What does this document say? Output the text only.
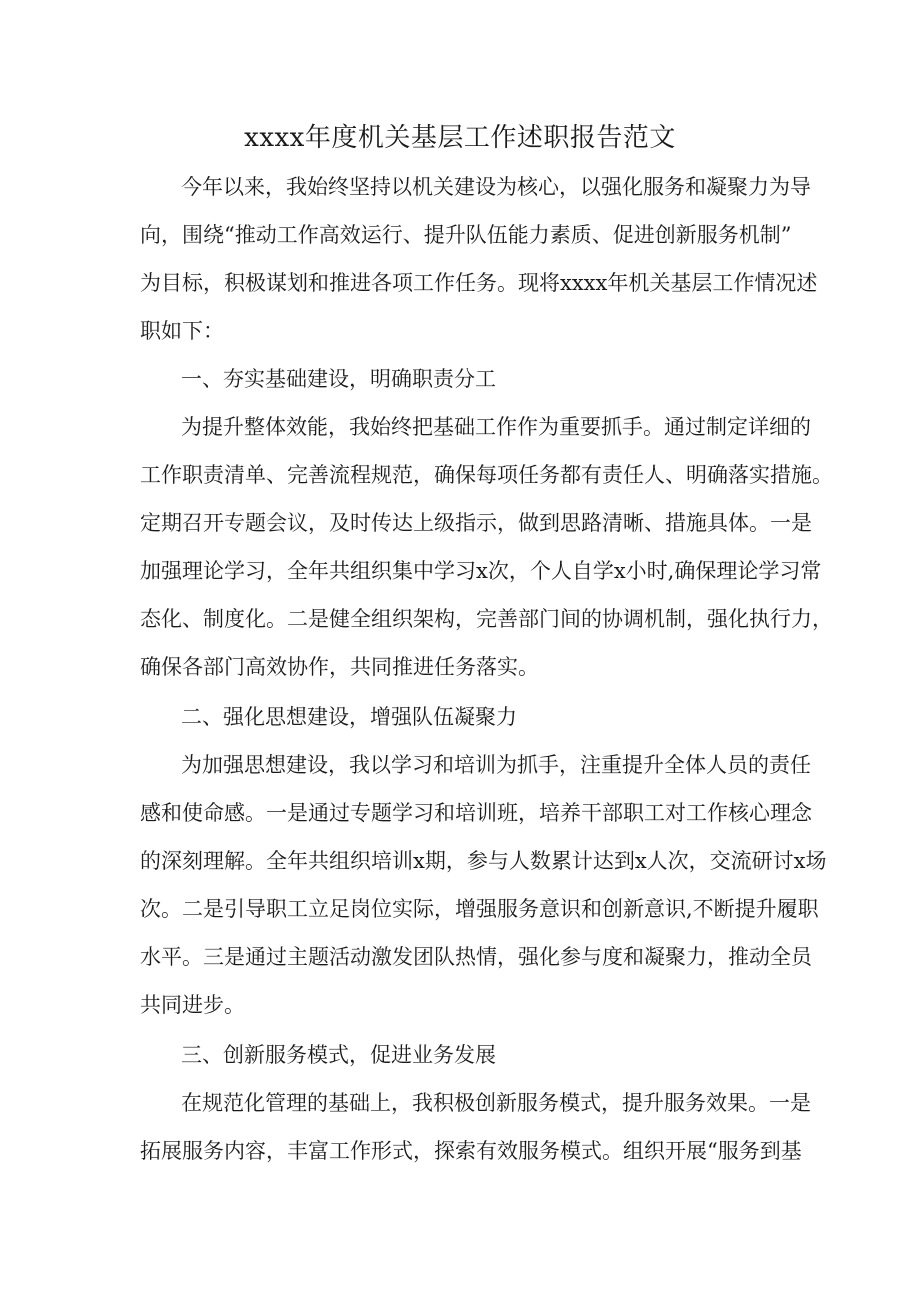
xxxx年度机关基层工作述职报告范文
今年以来，我始终坚持以机关建设为核心，以强化服务和凝聚力为导
向，围绕“推动工作高效运行、提升队伍能力素质、促进创新服务机制”
为目标，积极谋划和推进各项工作任务。现将xxxx年机关基层工作情况述
职如下：
一、夯实基础建设，明确职责分工
为提升整体效能，我始终把基础工作作为重要抓手。通过制定详细的
工作职责清单、完善流程规范，确保每项任务都有责任人、明确落实措施。
定期召开专题会议，及时传达上级指示，做到思路清晰、措施具体。一是
加强理论学习，全年共组织集中学习x次，个人自学x小时,确保理论学习常
态化、制度化。二是健全组织架构，完善部门间的协调机制，强化执行力，
确保各部门高效协作，共同推进任务落实。
二、强化思想建设，增强队伍凝聚力
为加强思想建设，我以学习和培训为抓手，注重提升全体人员的责任
感和使命感。一是通过专题学习和培训班，培养干部职工对工作核心理念
的深刻理解。全年共组织培训x期，参与人数累计达到x人次，交流研讨x场
次。二是引导职工立足岗位实际，增强服务意识和创新意识,不断提升履职
水平。三是通过主题活动激发团队热情，强化参与度和凝聚力，推动全员
共同进步。
三、创新服务模式，促进业务发展
在规范化管理的基础上，我积极创新服务模式，提升服务效果。一是
拓展服务内容，丰富工作形式，探索有效服务模式。组织开展“服务到基
